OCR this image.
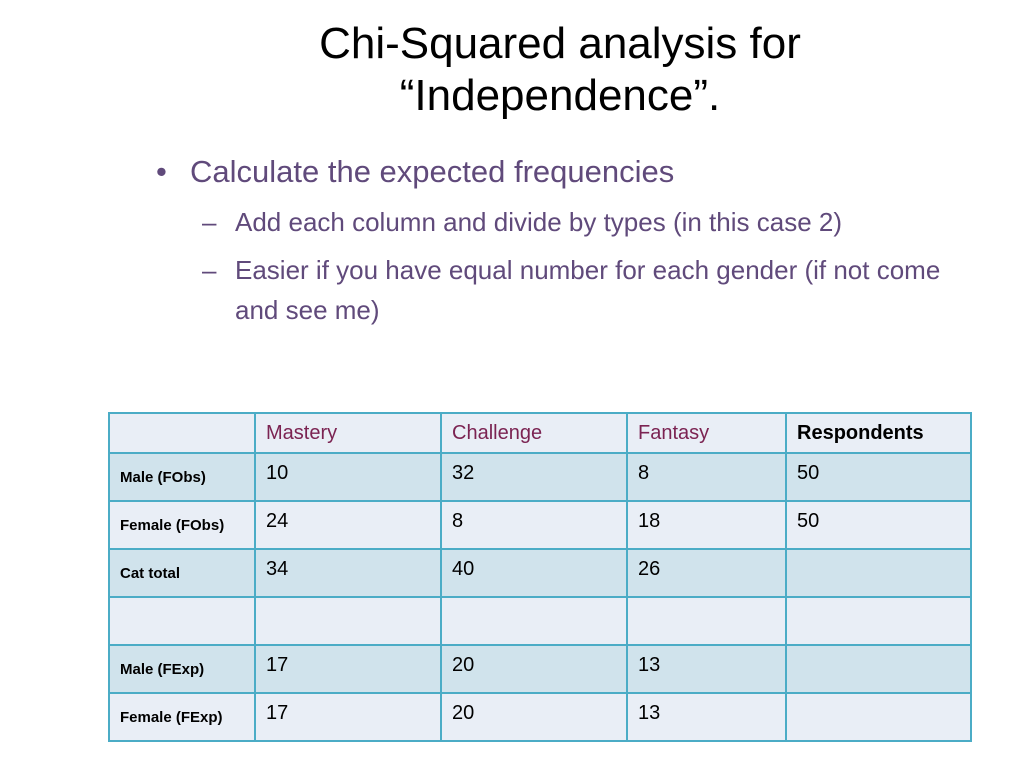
Chi-Squared analysis for
“Independence”.
• Calculate the expected frequencies
– Add each column and divide by types (in this case 2)
– Easier if you have equal number for each gender (if not come and see me)
	Mastery	Challenge	Fantasy	Respondents
Male (FObs)	10	32	8	50
Female (FObs)	24	8	18	50
Cat total	34	40	26	

Male (FExp)	17	20	13	
Female (FExp)	17	20	13	
